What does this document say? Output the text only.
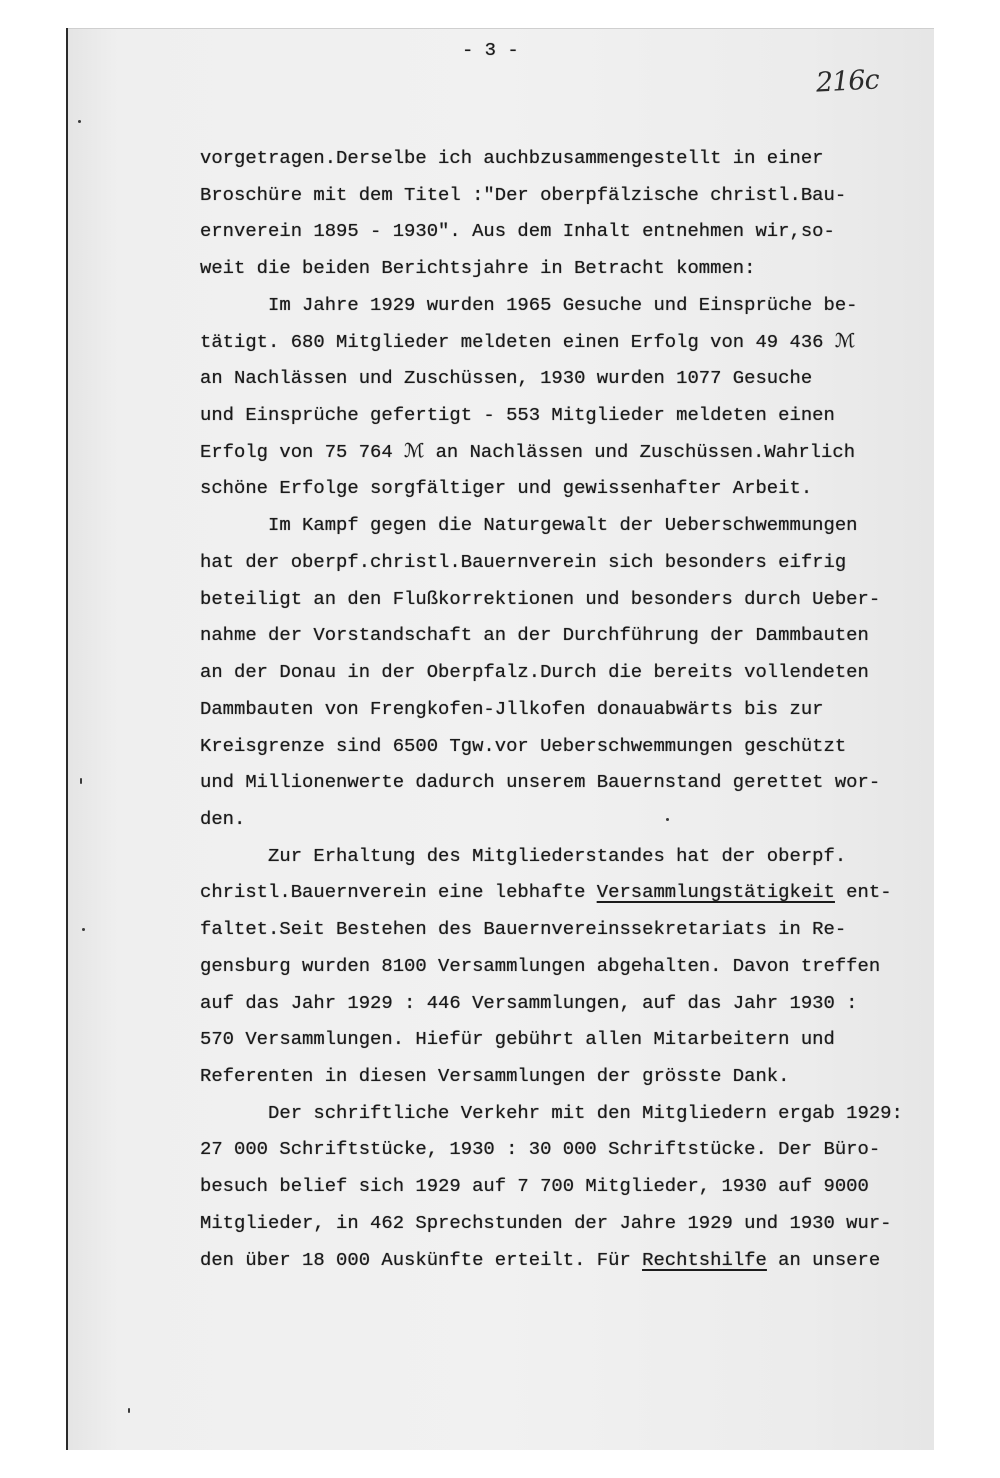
- 3 -
216c
vorgetragen.Derselbe ich auchbzusammengestellt in einer
Broschüre mit dem Titel :"Der oberpfälzische christl.Bau-
ernverein 1895 - 1930". Aus dem Inhalt entnehmen wir,so-
weit die beiden Berichtsjahre in Betracht kommen:
Im Jahre 1929 wurden 1965 Gesuche und Einsprüche be-
tätigt. 680 Mitglieder meldeten einen Erfolg von 49 436 ℳ
an Nachlässen und Zuschüssen, 1930 wurden 1077 Gesuche
und Einsprüche gefertigt - 553 Mitglieder meldeten einen
Erfolg von 75 764 ℳ an Nachlässen und Zuschüssen.Wahrlich
schöne Erfolge sorgfältiger und gewissenhafter Arbeit.
Im Kampf gegen die Naturgewalt der Ueberschwemmungen
hat der oberpf.christl.Bauernverein sich besonders eifrig
beteiligt an den Flußkorrektionen und besonders durch Ueber-
nahme der Vorstandschaft an der Durchführung der Dammbauten
an der Donau in der Oberpfalz.Durch die bereits vollendeten
Dammbauten von Frengkofen-Jllkofen donauabwärts bis zur
Kreisgrenze sind 6500 Tgw.vor Ueberschwemmungen geschützt
und Millionenwerte dadurch unserem Bauernstand gerettet wor-
den.
Zur Erhaltung des Mitgliederstandes hat der oberpf.
christl.Bauernverein eine lebhafte Versammlungstätigkeit ent-
faltet.Seit Bestehen des Bauernvereinssekretariats in Re-
gensburg wurden 8100 Versammlungen abgehalten. Davon treffen
auf das Jahr 1929 : 446 Versammlungen, auf das Jahr 1930 :
570 Versammlungen. Hiefür gebührt allen Mitarbeitern und
Referenten in diesen Versammlungen der grösste Dank.
Der schriftliche Verkehr mit den Mitgliedern ergab 1929:
27 000 Schriftstücke, 1930 : 30 000 Schriftstücke. Der Büro-
besuch belief sich 1929 auf 7 700 Mitglieder, 1930 auf 9000
Mitglieder, in 462 Sprechstunden der Jahre 1929 und 1930 wur-
den über 18 000 Auskünfte erteilt. Für Rechtshilfe an unsere
